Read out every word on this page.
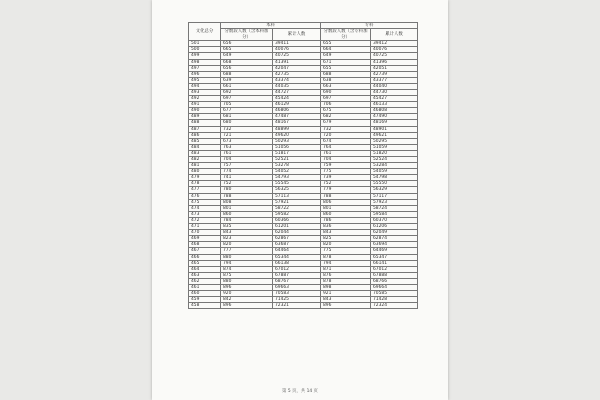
文化总分	本科		专科	
	分数段人数（含本科加分）	累计人数	分数段人数（含专科加分）	累计人数
501	656	39411	655	39412
500	665	40076	664	40076
499	649	40725	649	40725
498	668	41391	671	41396
497	656	42047	655	42051
496	688	42735	688	42739
495	639	43374	638	43377
494	661	44035	663	44040
493	692	44727	690	44730
492	697	45424	697	45427
491	705	46129	706	46133
490	677	46806	675	46808
489	681	47487	682	47490
488	680	48167	679	48169
487	732	48899	732	48901
486	721	49620	720	49621
485	673	50293	674	50295
484	763	51056	764	51059
483	761	51817	761	51820
482	704	52521	704	52524
481	757	53278	759	53284
480	774	54052	775	54059
479	741	54793	739	54798
478	752	55545	752	55550
477	780	56325	779	56329
476	788	57113	788	57117
475	808	57921	806	57923
474	801	58722	801	58724
473	860	59582	860	59584
472	784	60366	786	60370
471	835	61201	836	61206
470	843	62044	843	62049
469	823	62867	825	62874
468	820	63687	820	63694
467	777	64464	775	64469
466	880	65344	878	65347
465	794	66138	794	66141
464	874	67012	871	67012
463	875	67887	876	67888
462	880	68767	878	68766
461	896	69663	898	69664
460	920	70583	921	70585
459	842	71425	843	71428
458	896	72321	896	72324
第 5 页，共 14 页
